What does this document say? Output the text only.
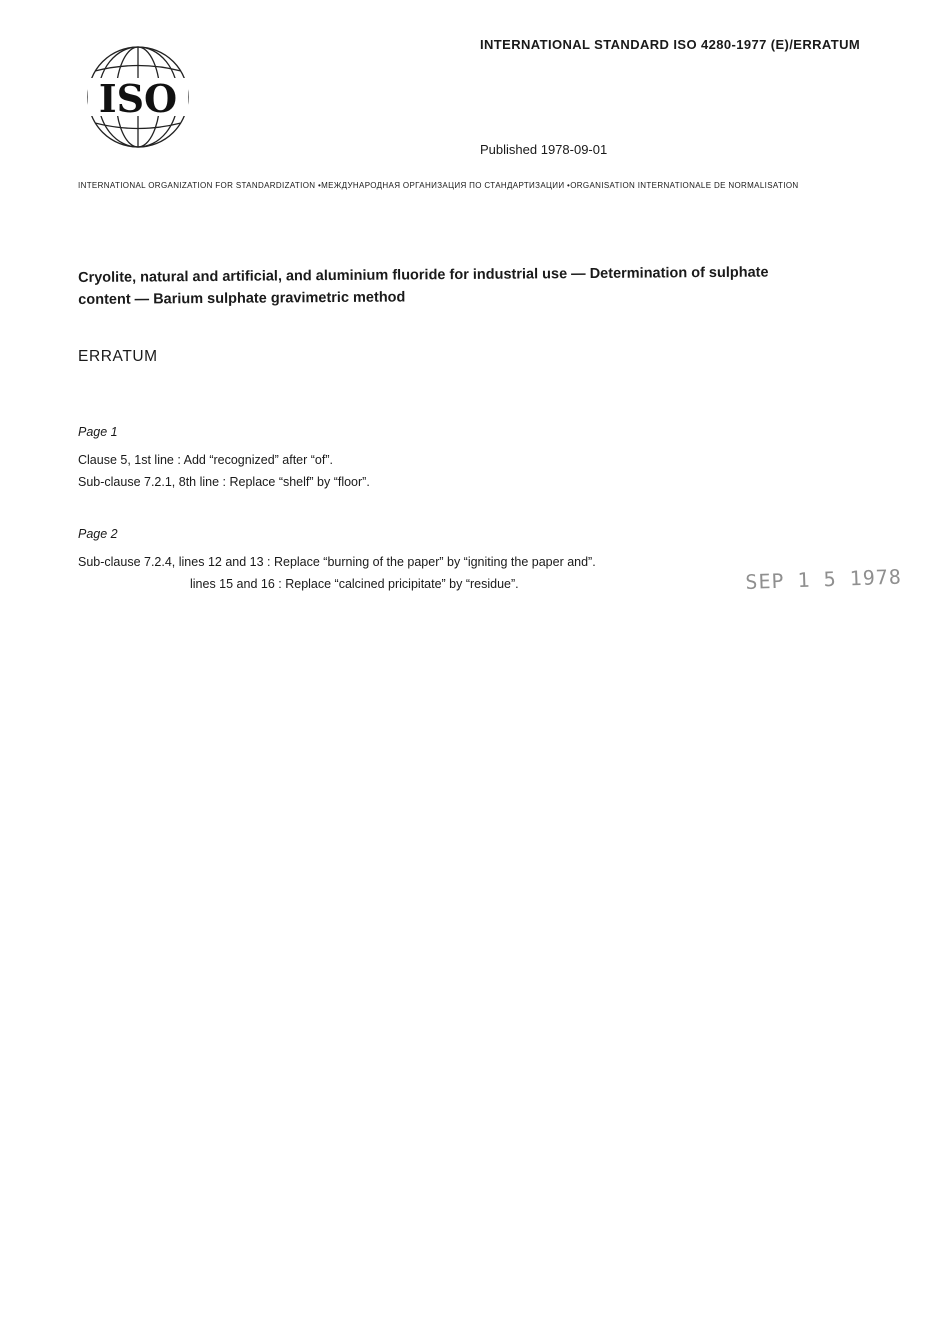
ISO
INTERNATIONAL STANDARD ISO 4280-1977 (E)/ERRATUM
Published 1978-09-01
INTERNATIONAL ORGANIZATION FOR STANDARDIZATION •МЕЖДУНАРОДНАЯ ОРГАНИЗАЦИЯ ПО СТАНДАРТИЗАЦИИ •ORGANISATION INTERNATIONALE DE NORMALISATION
Cryolite, natural and artificial, and aluminium fluoride for industrial use — Determination of sulphate
content — Barium sulphate gravimetric method
ERRATUM
Page 1
Clause 5, 1st line : Add “recognized” after “of”.
Sub-clause 7.2.1, 8th line : Replace “shelf” by “floor”.
Page 2
Sub-clause 7.2.4, lines 12 and 13 : Replace “burning of the paper” by “igniting the paper and”.
lines 15 and 16 : Replace “calcined pricipitate” by “residue”.	SEP 1 5 1978
